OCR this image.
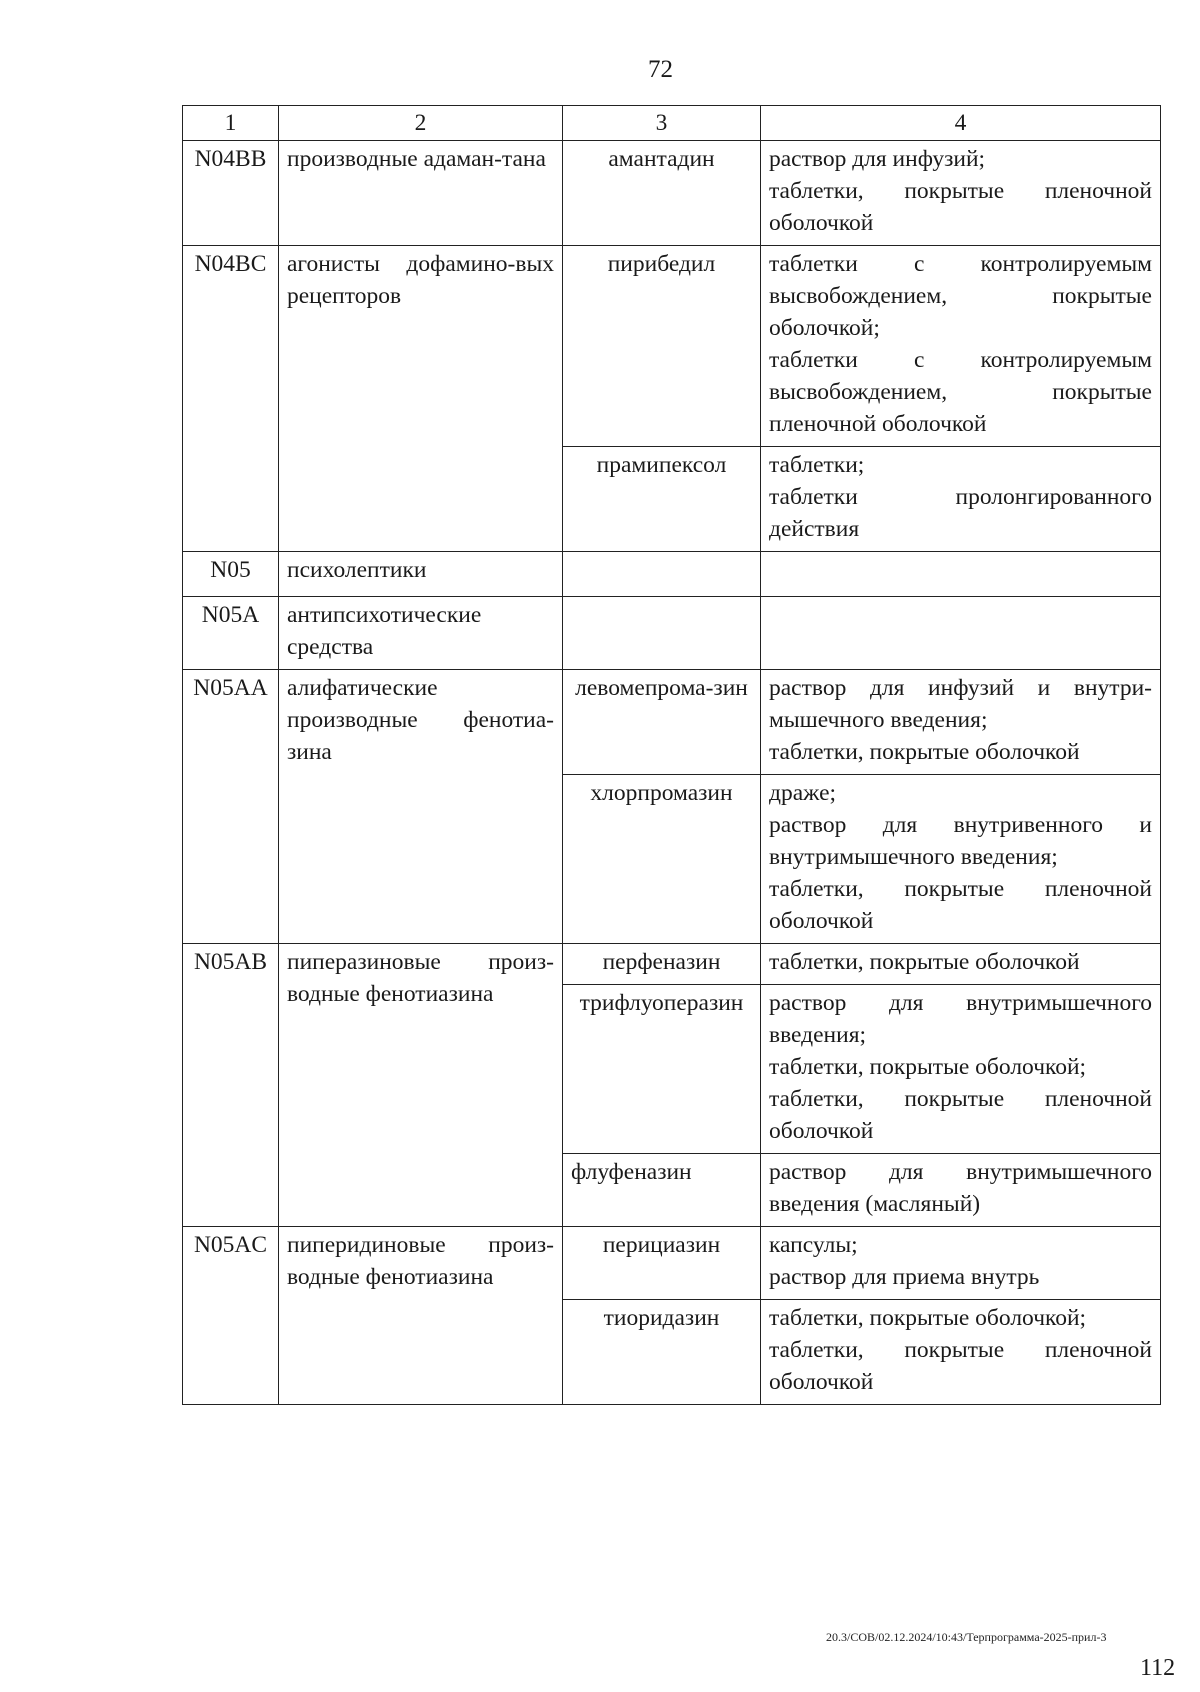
72
1	2	3	4
N04BB	производные адаман-тана	амантадин	раствор для инфузий;
таблетки, покрытые пленочной оболочкой

N04BC	агонисты дофамино-вых рецепторов	пирибедил	таблетки с контролируемым высвобождением, покрытые оболочкой;
таблетки с контролируемым высвобождением, покрытые пленочной оболочкой

		прамипексол	таблетки;
таблетки пролонгированного действия

N05	психолептики		
N05A	антипсихотические средства		
N05AA	алифатические производные фенотиа-зина	левомепрома-зин	раствор для инфузий и внутри-мышечного введения;
таблетки, покрытые оболочкой

		хлорпромазин	драже;
раствор для внутривенного и внутримышечного введения;
таблетки, покрытые пленочной оболочкой

N05AB	пиперазиновые произ-водные фенотиазина	перфеназин	таблетки, покрытые оболочкой

		трифлуоперазин	раствор для внутримышечного введения;
таблетки, покрытые оболочкой;
таблетки, покрытые пленочной оболочкой

		флуфеназин	раствор для внутримышечного введения (масляный)

N05AC	пиперидиновые произ-водные фенотиазина	перициазин	капсулы;
раствор для приема внутрь

		тиоридазин	таблетки, покрытые оболочкой;
таблетки, покрытые пленочной оболочкой
20.3/СОВ/02.12.2024/10:43/Терпрограмма-2025-прил-3
112
